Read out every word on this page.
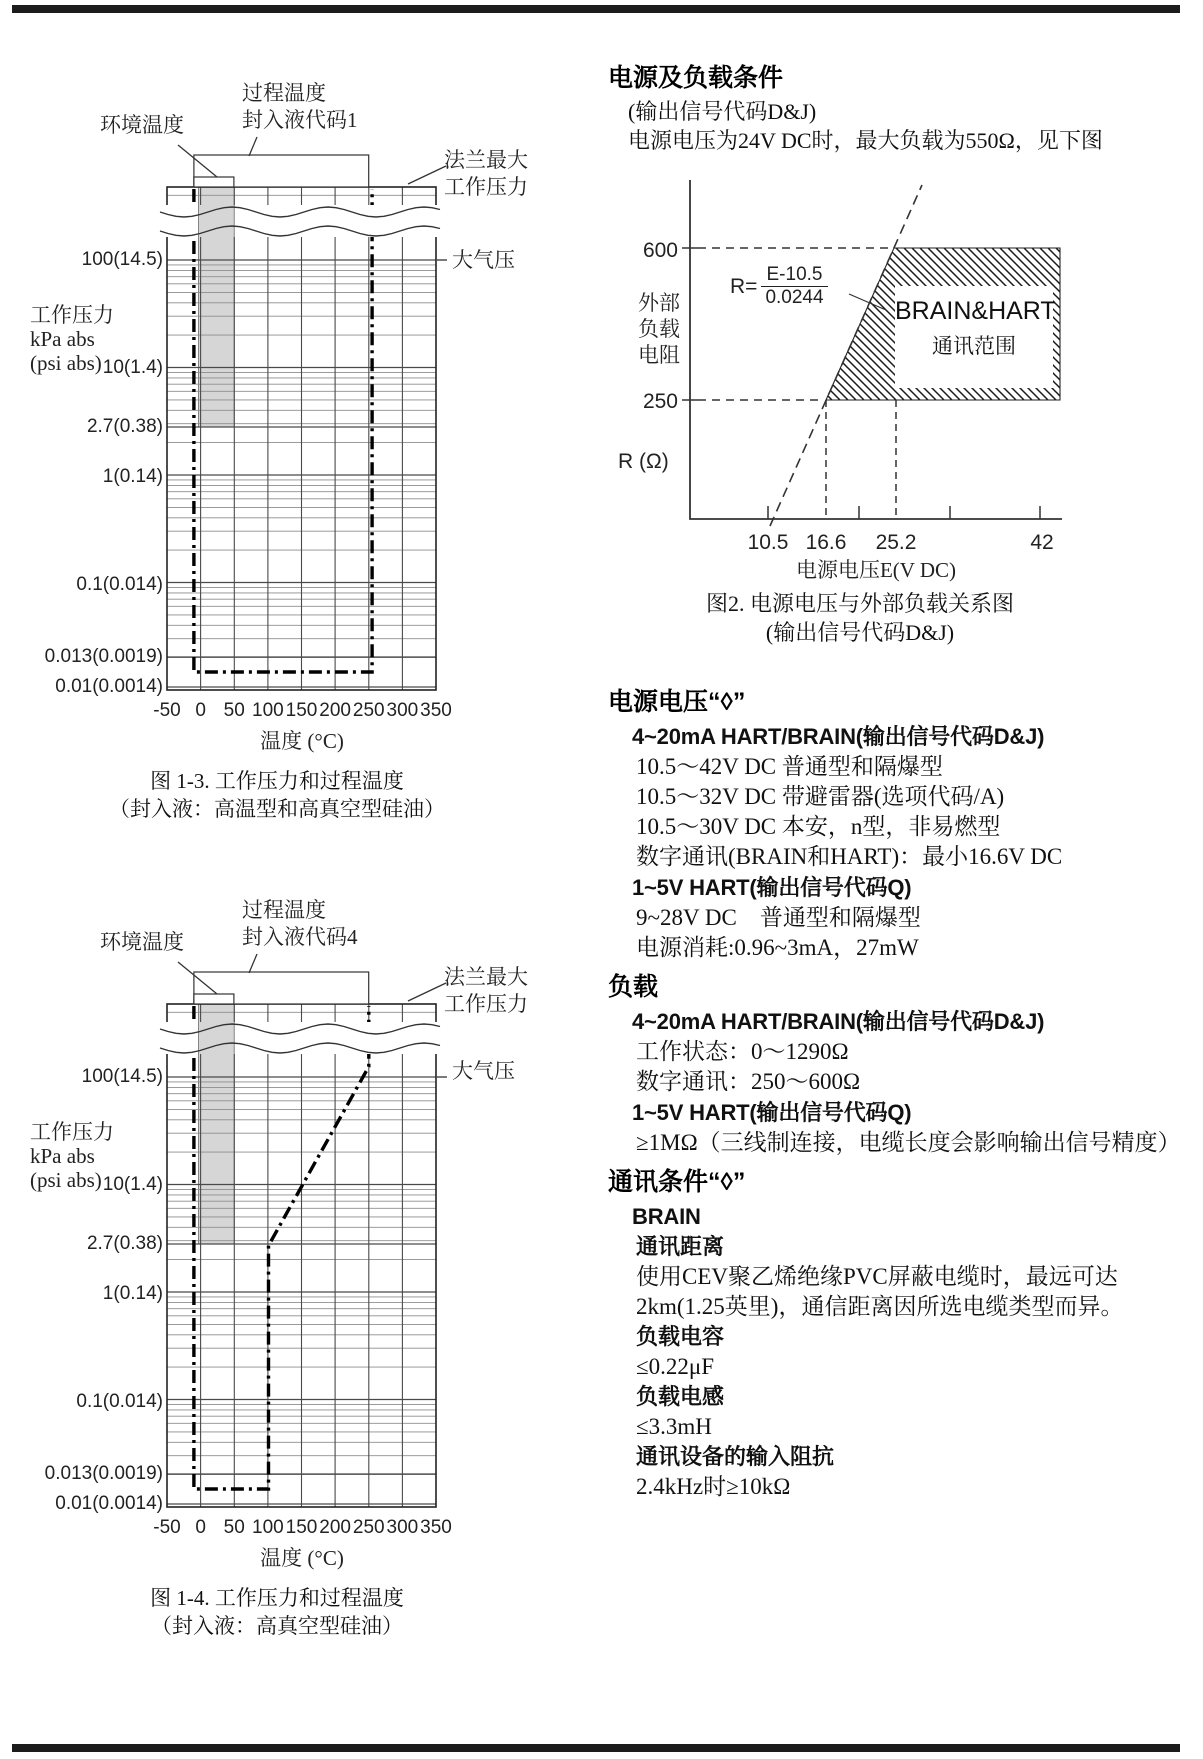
过程温度
封入液代码1
环境温度
法兰最大
工作压力
大气压
工作压力
kPa abs
(psi abs)
温度 (°C)
图 1-3. 工作压力和过程温度
（封入液：高温型和高真空型硅油）
过程温度
封入液代码4
环境温度
法兰最大
工作压力
大气压
工作压力
kPa abs
(psi abs)
温度 (°C)
图 1-4. 工作压力和过程温度
（封入液：高真空型硅油）
600
外部
负载
电阻
250
R (Ω)
$R= \frac{E-10.5}{0.0244}$
BRAIN&HART
通讯范围
电源电压E(V DC)
图2. 电源电压与外部负载关系图
(输出信号代码D&J)
电源及负载条件
(输出信号代码D&J)
电源电压为24V DC时，最大负载为550Ω，见下图
电源电压“◊”
4~20mA HART/BRAIN(输出信号代码D&J)
10.5～42V DC 普通型和隔爆型
10.5～32V DC 带避雷器(选项代码/A)
10.5～30V DC 本安，n型，非易燃型
数字通讯(BRAIN和HART)：最小16.6V DC
1~5V HART(输出信号代码Q)
9~28V DC　普通型和隔爆型
电源消耗:0.96~3mA，27mW
负载
4~20mA HART/BRAIN(输出信号代码D&J)
工作状态：0～1290Ω
数字通讯：250～600Ω
1~5V HART(输出信号代码Q)
≥1MΩ（三线制连接，电缆长度会影响输出信号精度）
通讯条件“◊”
BRAIN
通讯距离
使用CEV聚乙烯绝缘PVC屏蔽电缆时，最远可达
2km(1.25英里)，通信距离因所选电缆类型而异。
负载电容
≤0.22μF
负载电感
≤3.3mH
通讯设备的输入阻抗
2.4kHz时≥10kΩ
100(14.5)
10(1.4)
2.7(0.38)
1(0.14)
0.1(0.014)
0.013(0.0019)
0.01(0.0014)
-50 0 50 100 150 200 250 300 350
100(14.5)
10(1.4)
2.7(0.38)
1(0.14)
0.1(0.014)
0.013(0.0019)
0.01(0.0014)
-50 0 50 100 150 200 250 300 350
10.5 16.6	25.2	42
